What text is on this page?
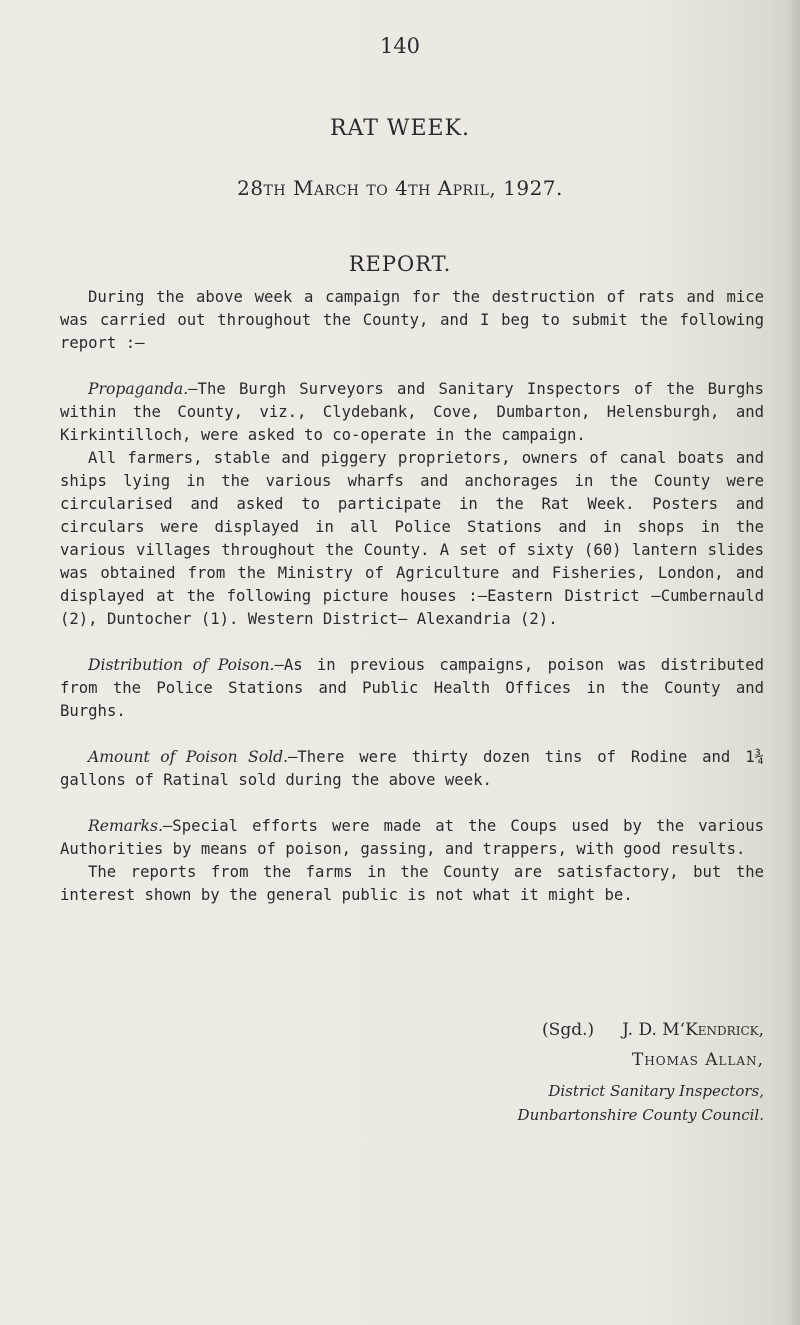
140
RAT WEEK.
28th March to 4th April, 1927.
REPORT.

During the above week a campaign for the destruction of rats and mice was carried out throughout the County, and I beg to submit the following report :—

Propaganda.—The Burgh Surveyors and Sanitary Inspectors of the Burghs within the County, viz., Clydebank, Cove, Dumbarton, Helensburgh, and Kirkintilloch, were asked to co-operate in the campaign.

All farmers, stable and piggery proprietors, owners of canal boats and ships lying in the various wharfs and anchorages in the County were circularised and asked to participate in the Rat Week. Posters and circulars were displayed in all Police Stations and in shops in the various villages throughout the County. A set of sixty (60) lantern slides was obtained from the Ministry of Agriculture and Fisheries, London, and displayed at the following picture houses :—Eastern District —Cumbernauld (2), Duntocher (1). Western District— Alexandria (2).

Distribution of Poison.—As in previous campaigns, poison was distributed from the Police Stations and Public Health Offices in the County and Burghs.

Amount of Poison Sold.—There were thirty dozen tins of Rodine and 1¾ gallons of Ratinal sold during the above week.

Remarks.—Special efforts were made at the Coups used by the various Authorities by means of poison, gassing, and trappers, with good results.

The reports from the farms in the County are satisfactory, but the interest shown by the general public is not what it might be.

(Sgd.) J. D. M‘Kendrick,
Thomas Allan,
District Sanitary Inspectors,
Dunbartonshire County Council.
